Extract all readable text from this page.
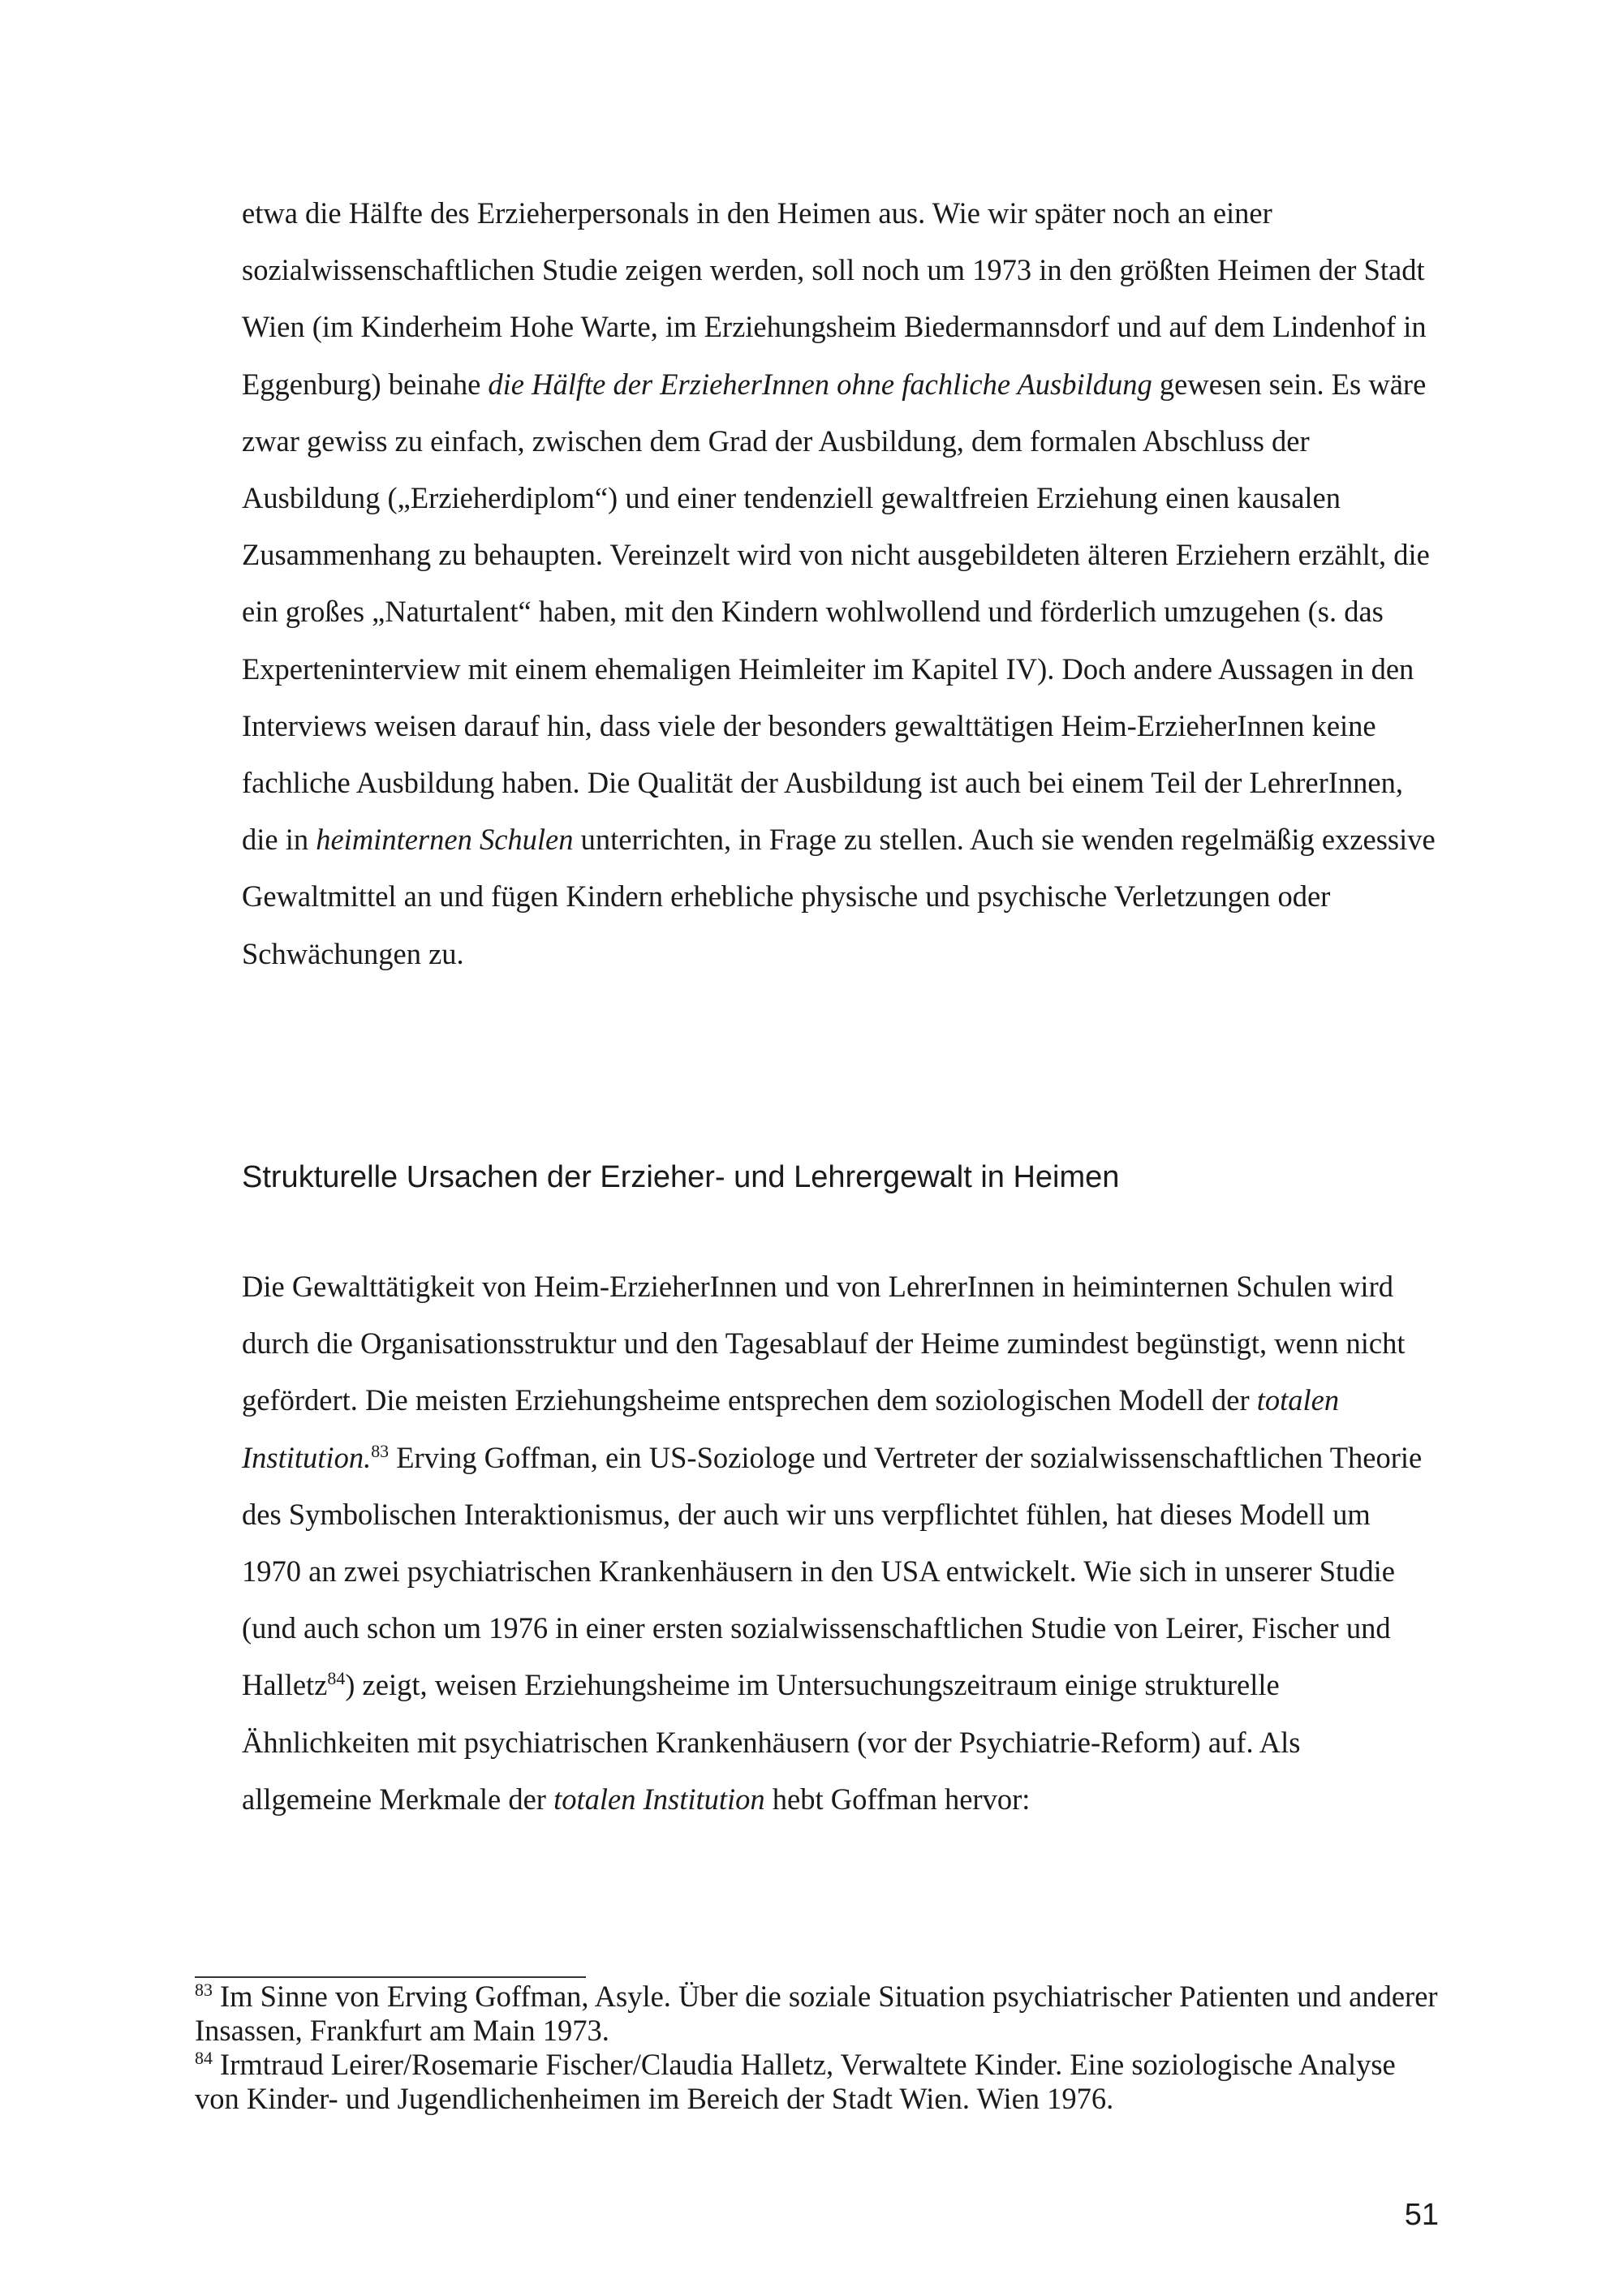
etwa die Hälfte des Erzieherpersonals in den Heimen aus. Wie wir später noch an einer sozialwissenschaftlichen Studie zeigen werden, soll noch um 1973 in den größten Heimen der Stadt Wien (im Kinderheim Hohe Warte, im Erziehungsheim Biedermannsdorf und auf dem Lindenhof in Eggenburg) beinahe die Hälfte der ErzieherInnen ohne fachliche Ausbildung gewesen sein. Es wäre zwar gewiss zu einfach, zwischen dem Grad der Ausbildung, dem formalen Abschluss der Ausbildung („Erzieherdiplom“) und einer tendenziell gewaltfreien Erziehung einen kausalen Zusammenhang zu behaupten. Vereinzelt wird von nicht ausgebildeten älteren Erziehern erzählt, die ein großes „Naturtalent“ haben, mit den Kindern wohlwollend und förderlich umzugehen (s. das Experteninterview mit einem ehemaligen Heimleiter im Kapitel IV). Doch andere Aussagen in den Interviews weisen darauf hin, dass viele der besonders gewalttätigen Heim-ErzieherInnen keine fachliche Ausbildung haben. Die Qualität der Ausbildung ist auch bei einem Teil der LehrerInnen, die in heiminternen Schulen unterrichten, in Frage zu stellen. Auch sie wenden regelmäßig exzessive Gewaltmittel an und fügen Kindern erhebliche physische und psychische Verletzungen oder Schwächungen zu.

Strukturelle Ursachen der Erzieher- und Lehrergewalt in Heimen

Die Gewalttätigkeit von Heim-ErzieherInnen und von LehrerInnen in heiminternen Schulen wird durch die Organisationsstruktur und den Tagesablauf der Heime zumindest begünstigt, wenn nicht gefördert. Die meisten Erziehungsheime entsprechen dem soziologischen Modell der totalen Institution.$^{83}$ Erving Goffman, ein US-Soziologe und Vertreter der sozialwissenschaftlichen Theorie des Symbolischen Interaktionismus, der auch wir uns verpflichtet fühlen, hat dieses Modell um 1970 an zwei psychiatrischen Krankenhäusern in den USA entwickelt. Wie sich in unserer Studie (und auch schon um 1976 in einer ersten sozialwissenschaftlichen Studie von Leirer, Fischer und Halletz$^{84}$) zeigt, weisen Erziehungsheime im Untersuchungszeitraum einige strukturelle Ähnlichkeiten mit psychiatrischen Krankenhäusern (vor der Psychiatrie-Reform) auf. Als allgemeine Merkmale der totalen Institution hebt Goffman hervor:

$^{83}$ Im Sinne von Erving Goffman, Asyle. Über die soziale Situation psychiatrischer Patienten und anderer Insassen, Frankfurt am Main 1973.

$^{84}$ Irmtraud Leirer/Rosemarie Fischer/Claudia Halletz, Verwaltete Kinder. Eine soziologische Analyse von Kinder- und Jugendlichenheimen im Bereich der Stadt Wien. Wien 1976.

51
